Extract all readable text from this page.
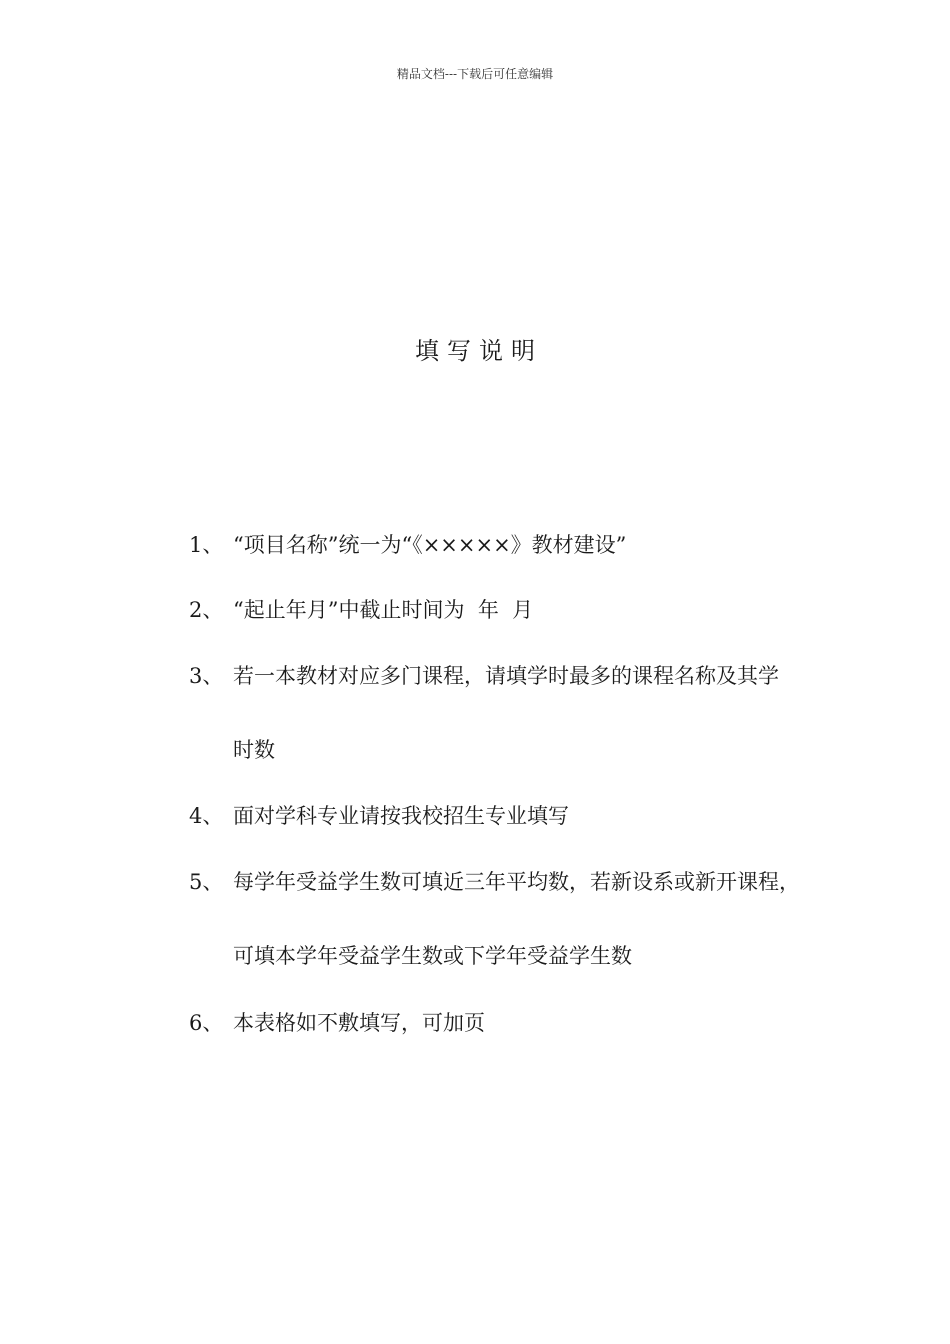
精品文档---下载后可任意编辑
填写说明
1、 “项目名称”统一为“《×××××》教材建设”
2、 “起止年月”中截止时间为  年  月
3、 若一本教材对应多门课程，请填学时最多的课程名称及其学
时数
4、 面对学科专业请按我校招生专业填写
5、 每学年受益学生数可填近三年平均数，若新设系或新开课程，
可填本学年受益学生数或下学年受益学生数
6、 本表格如不敷填写，可加页
